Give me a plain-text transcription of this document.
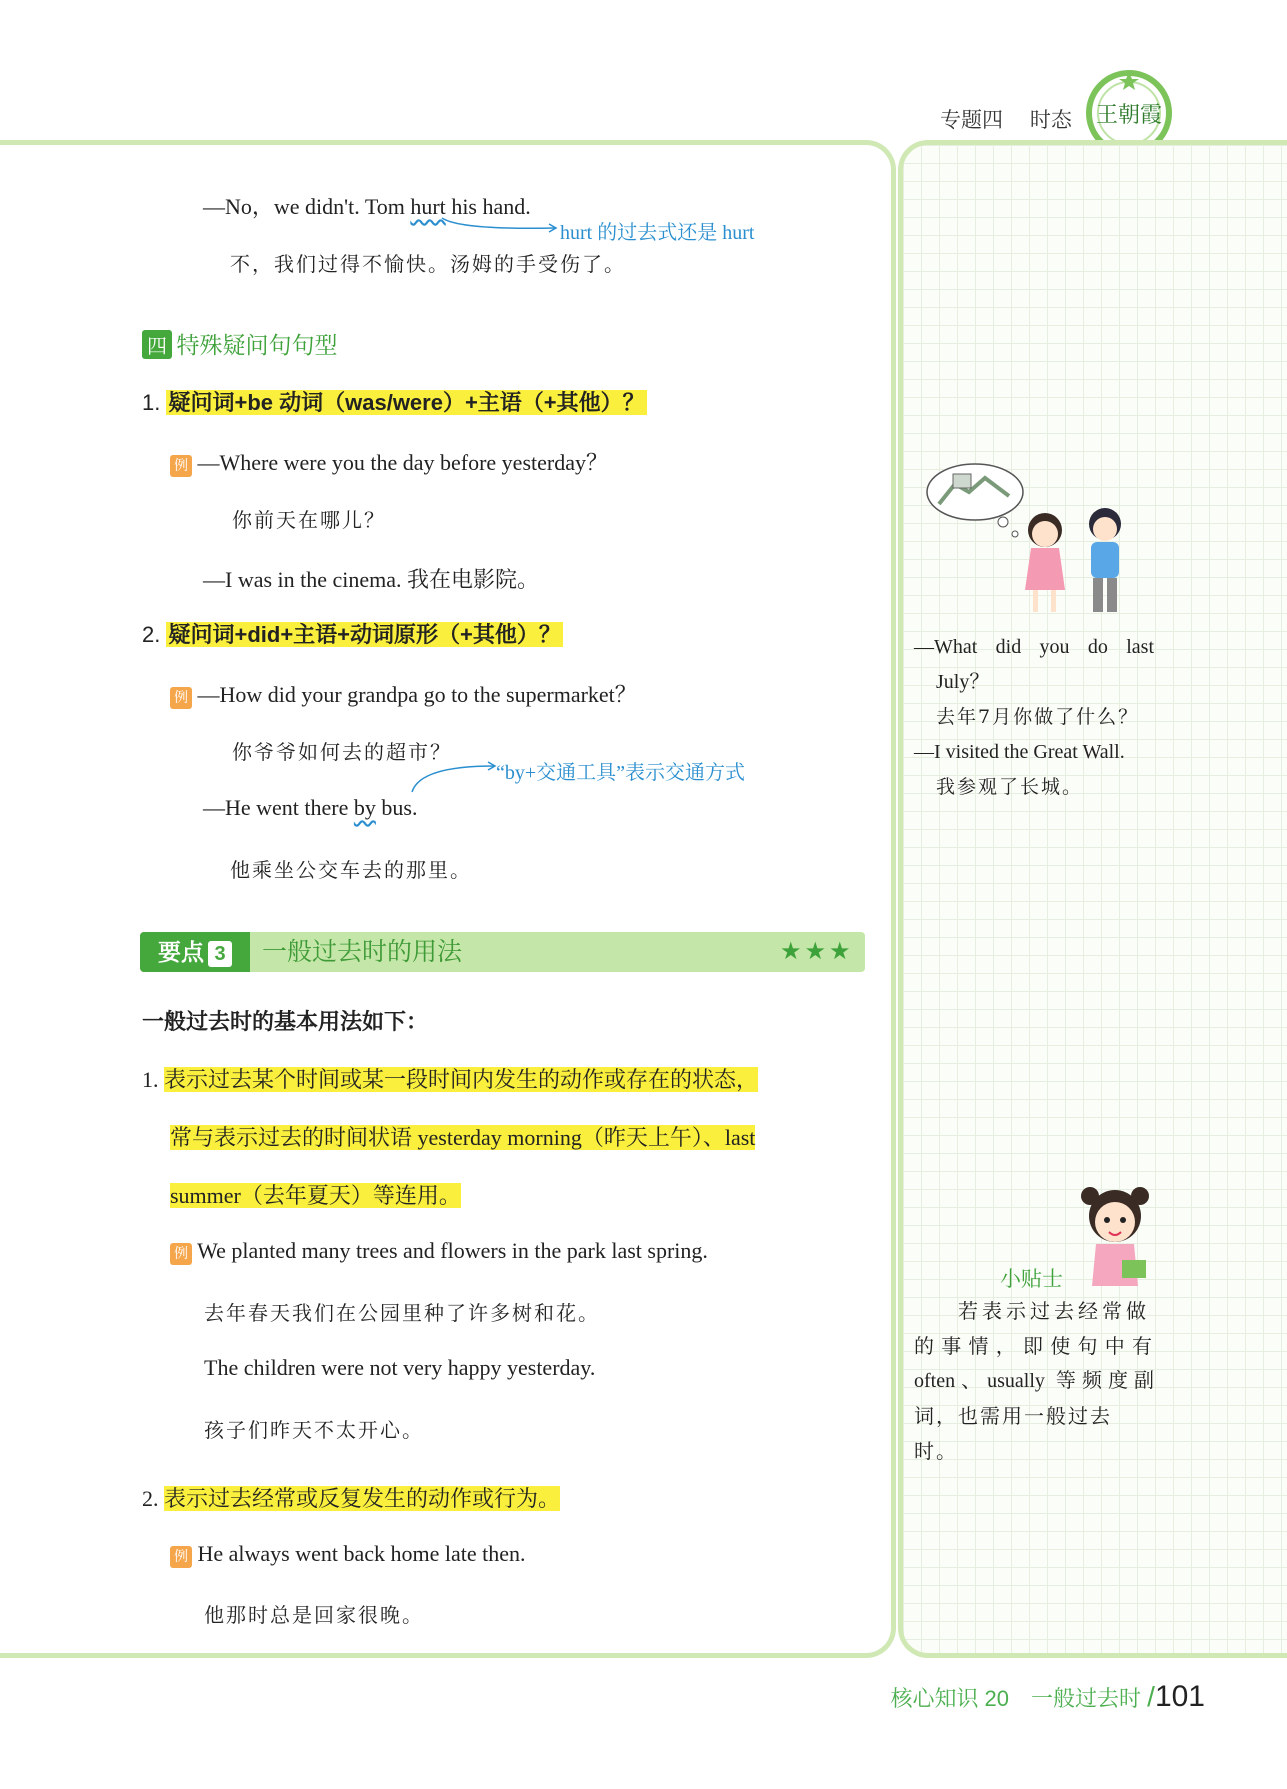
专题四　 时态	王朝霞
—No，we didn't. Tom hurt his hand.
hurt 的过去式还是 hurt
不，我们过得不愉快。汤姆的手受伤了。
四 特殊疑问句句型
1. 疑问词+be 动词（was/were）+主语（+其他）？
例 —Where were you the day before yesterday？
你前天在哪儿？
—I was in the cinema. 我在电影院。
2. 疑问词+did+主语+动词原形（+其他）？
例 —How did your grandpa go to the supermarket？
你爷爷如何去的超市？
“by+交通工具”表示交通方式
—He went there by bus.
他乘坐公交车去的那里。
要点 3	一般过去时的用法	★★★
一般过去时的基本用法如下：
1. 表示过去某个时间或某一段时间内发生的动作或存在的状态，
常与表示过去的时间状语 yesterday morning（昨天上午）、last
summer（去年夏天）等连用。
例 We planted many trees and flowers in the park last spring.
去年春天我们在公园里种了许多树和花。
The children were not very happy yesterday.
孩子们昨天不太开心。
2. 表示过去经常或反复发生的动作或行为。
例 He always went back home late then.
他那时总是回家很晚。
—What did you do last
July？
去年7月你做了什么？
—I visited the Great Wall.
我参观了长城。
小贴士
若表示过去经常做
的事情，即使句中有
often、usually 等频度副
词，也需用一般过去时。
核心知识 20　一般过去时 /101
